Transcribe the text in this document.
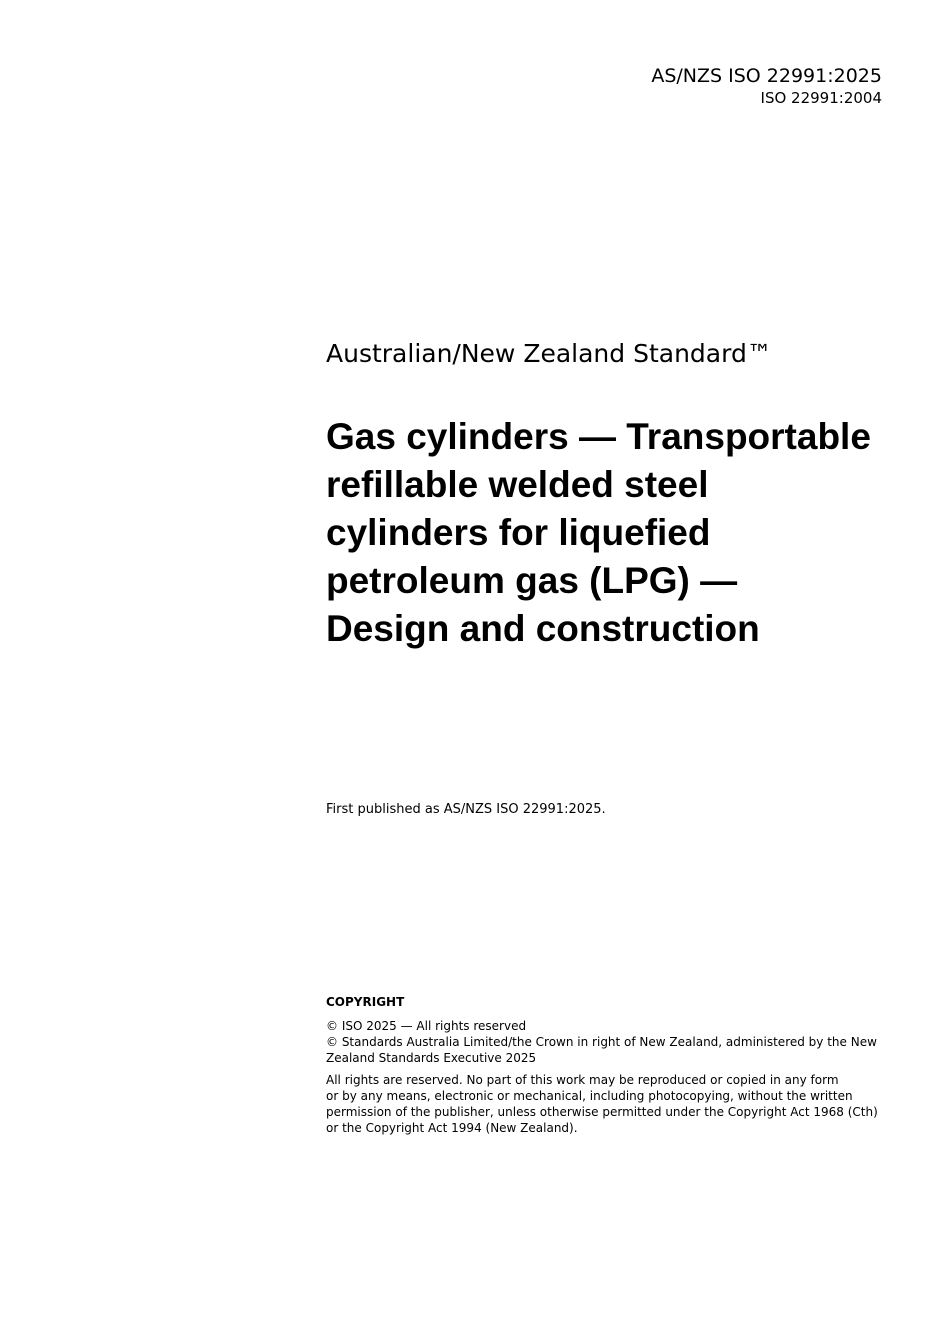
AS/NZS ISO 22991:2025
ISO 22991:2004
Australian/New Zealand Standard™
Gas cylinders — Transportable
refillable welded steel
cylinders for liquefied
petroleum gas (LPG) —
Design and construction
First published as AS/NZS ISO 22991:2025.
COPYRIGHT
© ISO 2025 — All rights reserved
© Standards Australia Limited/the Crown in right of New Zealand, administered by the New
Zealand Standards Executive 2025
All rights are reserved. No part of this work may be reproduced or copied in any form
or by any means, electronic or mechanical, including photocopying, without the written
permission of the publisher, unless otherwise permitted under the Copyright Act 1968 (Cth)
or the Copyright Act 1994 (New Zealand).
